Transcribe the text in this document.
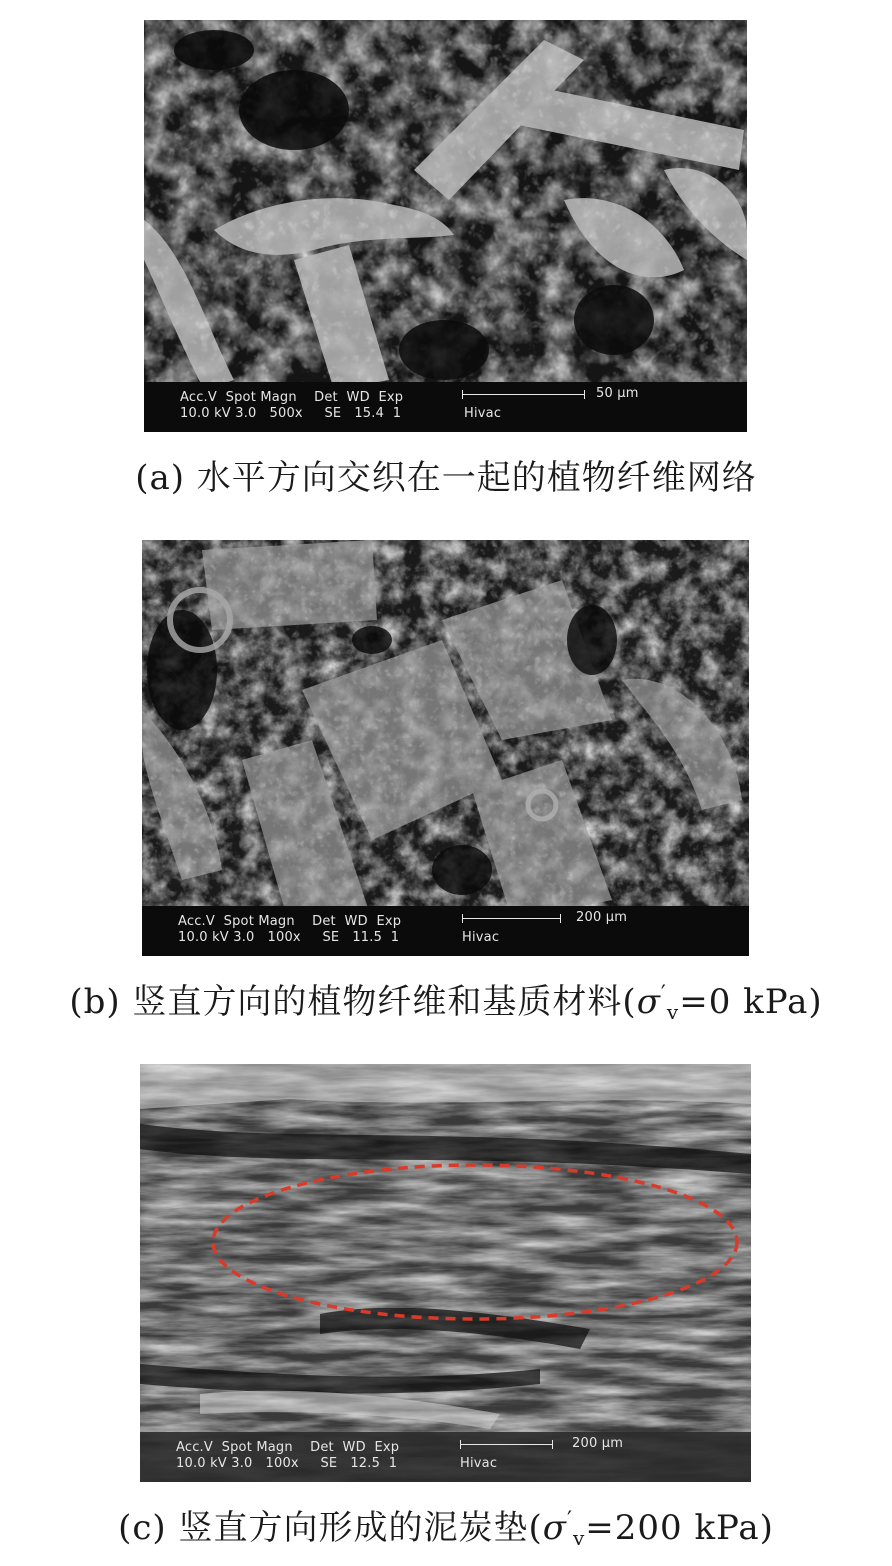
Acc.V  Spot Magn    Det  WD  Exp
10.0 kV 3.0   500x     SE   15.4  1
50 μm
Hivac
(a) 水平方向交织在一起的植物纤维网络
Acc.V  Spot Magn    Det  WD  Exp
10.0 kV 3.0   100x     SE   11.5  1
200 μm
Hivac
(b) 竖直方向的植物纤维和基质材料($\sigma'_v=0$ kPa)
Acc.V  Spot Magn    Det  WD  Exp
10.0 kV 3.0   100x     SE   12.5  1
200 μm
Hivac
(c) 竖直方向形成的泥炭垫($\sigma'_v=200$ kPa)
